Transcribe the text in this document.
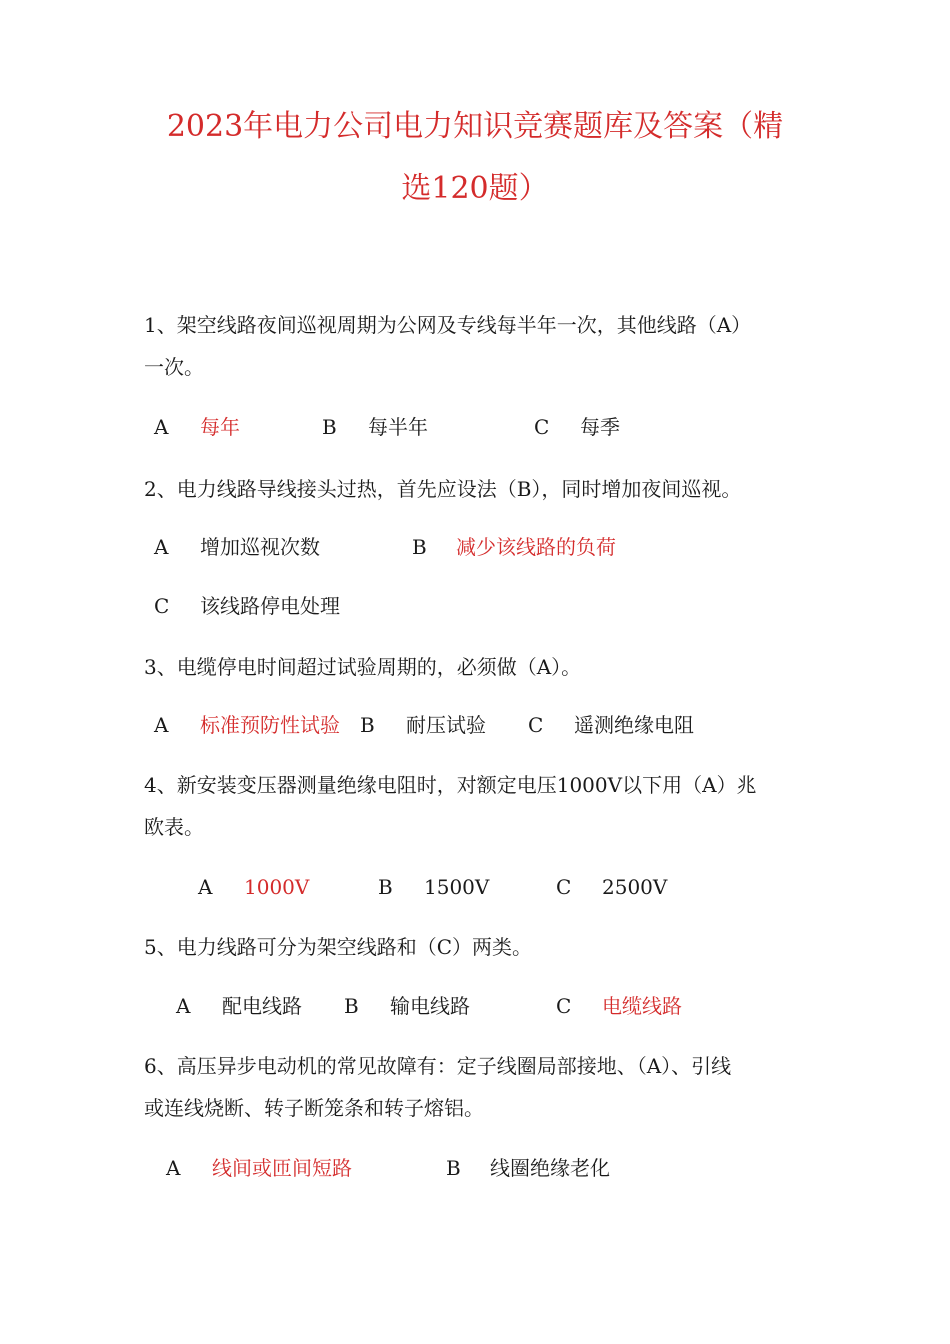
2023年电力公司电力知识竞赛题库及答案（精
选120题）
1、架空线路夜间巡视周期为公网及专线每半年一次，其他线路（A）
一次。
A 每年	B 每半年	C 每季
2、电力线路导线接头过热，首先应设法（B），同时增加夜间巡视。
A 增加巡视次数	B 减少该线路的负荷
C 该线路停电处理
3、电缆停电时间超过试验周期的，必须做（A）。
A 标准预防性试验 B 耐压试验 C 遥测绝缘电阻
4、新安装变压器测量绝缘电阻时，对额定电压1000V以下用（A）兆
欧表。
A 1000V	B 1500V	C 2500V
5、电力线路可分为架空线路和（C）两类。
A 配电线路 B 输电线路	C 电缆线路
6、高压异步电动机的常见故障有：定子线圈局部接地、（A）、引线
或连线烧断、转子断笼条和转子熔铝。
A 线间或匝间短路	B 线圈绝缘老化
